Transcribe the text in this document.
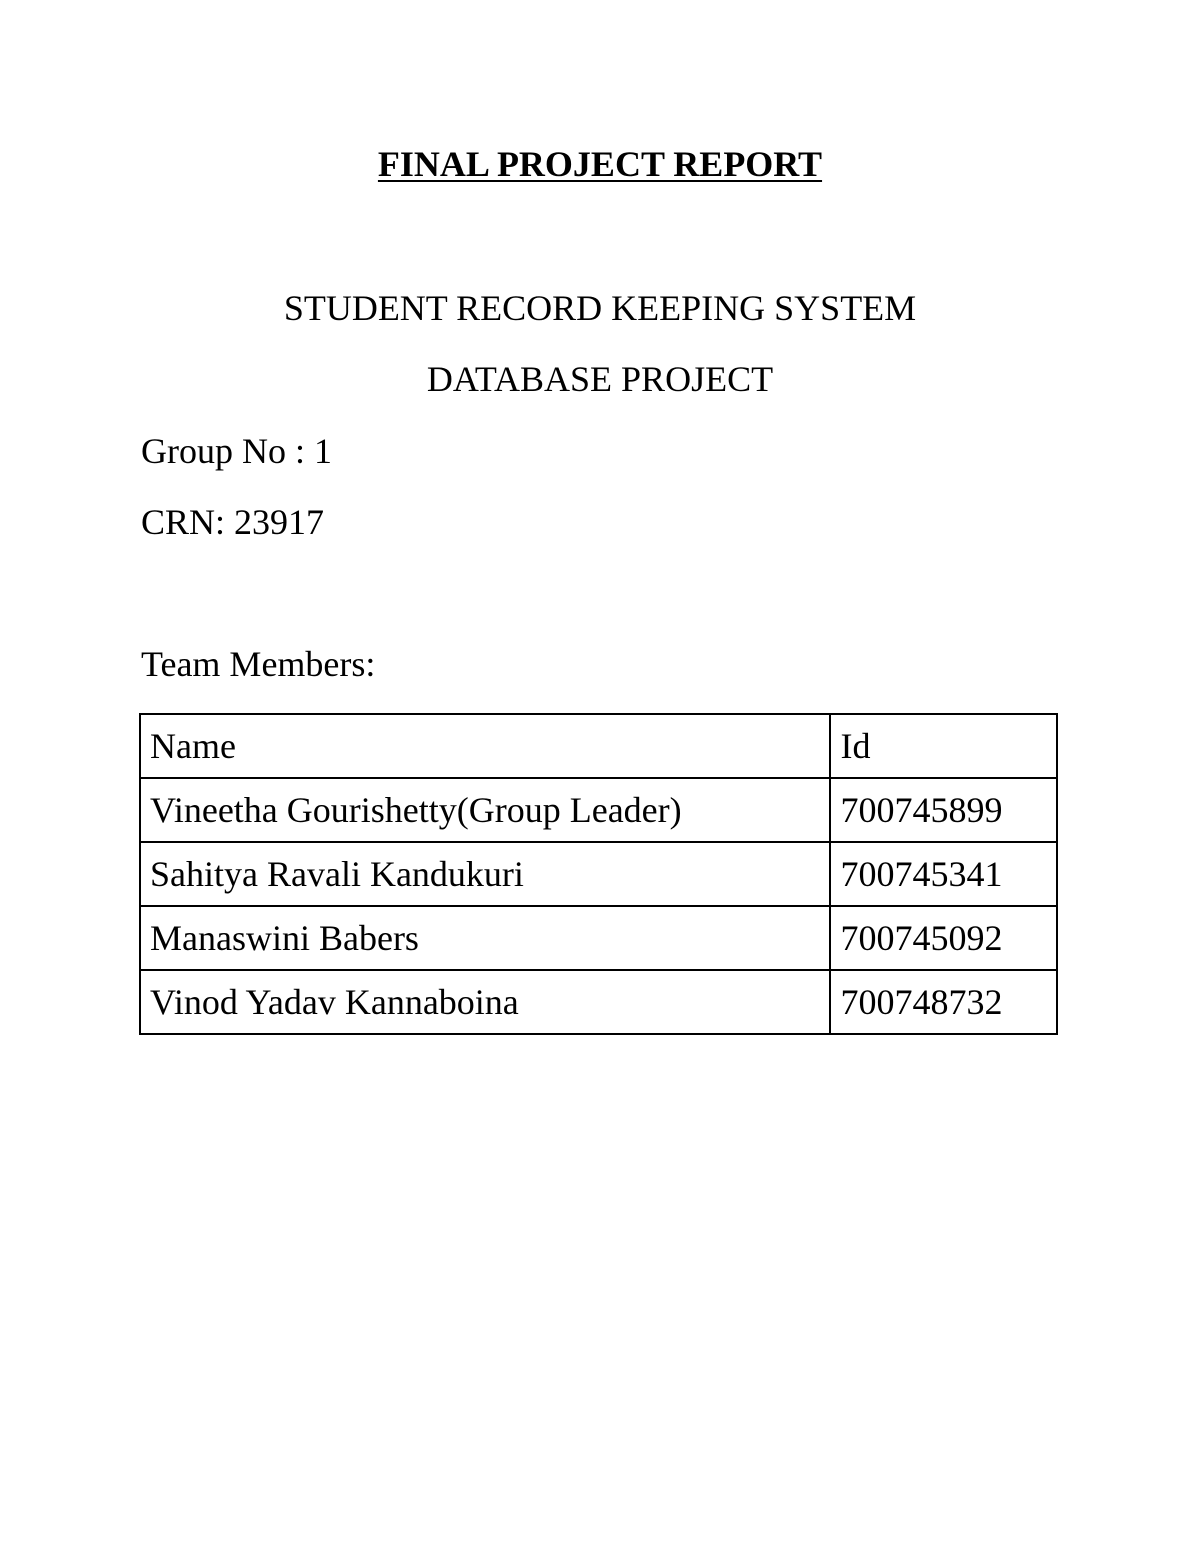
FINAL PROJECT REPORT
STUDENT RECORD KEEPING SYSTEM
DATABASE PROJECT
Group No : 1
CRN: 23917
Team Members:
Name	Id
Vineetha Gourishetty(Group Leader)	700745899
Sahitya Ravali Kandukuri	700745341
Manaswini Babers	700745092
Vinod Yadav Kannaboina	700748732
